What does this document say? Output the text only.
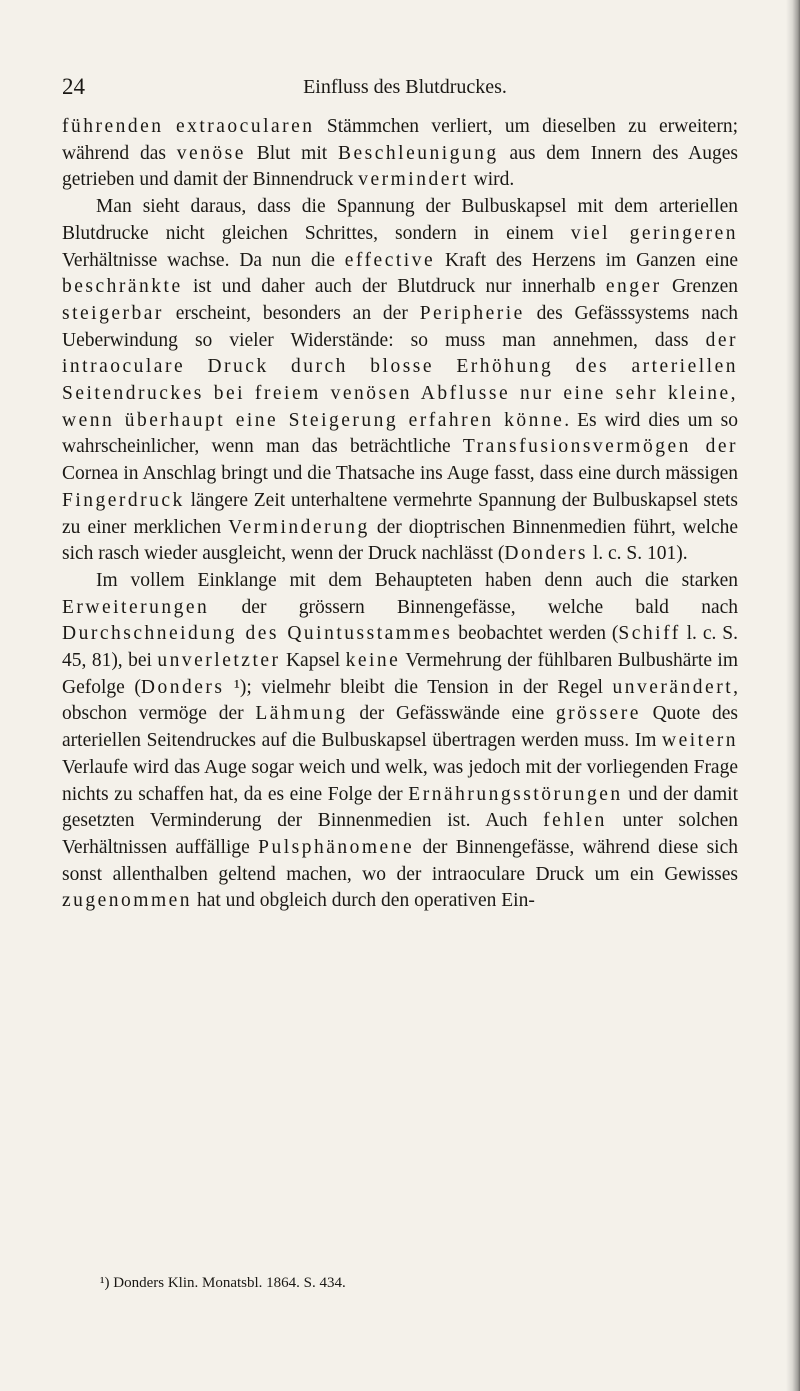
24	Einfluss des Blutdruckes.

führenden extraocularen Stämmchen verliert, um dieselben zu erweitern; während das venöse Blut mit Beschleunigung aus dem Innern des Auges getrieben und damit der Binnendruck vermindert wird.

Man sieht daraus, dass die Spannung der Bulbuskapsel mit dem arteriellen Blutdrucke nicht gleichen Schrittes, sondern in einem viel geringeren Verhältnisse wachse. Da nun die effective Kraft des Herzens im Ganzen eine beschränkte ist und daher auch der Blutdruck nur innerhalb enger Grenzen steigerbar erscheint, besonders an der Peripherie des Gefässsystems nach Ueberwindung so vieler Widerstände: so muss man annehmen, dass der intraoculare Druck durch blosse Erhöhung des arteriellen Seitendruckes bei freiem venösen Abflusse nur eine sehr kleine, wenn überhaupt eine Steigerung erfahren könne. Es wird dies um so wahrscheinlicher, wenn man das beträchtliche Transfusionsvermögen der Cornea in Anschlag bringt und die Thatsache ins Auge fasst, dass eine durch mässigen Fingerdruck längere Zeit unterhaltene vermehrte Spannung der Bulbuskapsel stets zu einer merklichen Verminderung der dioptrischen Binnenmedien führt, welche sich rasch wieder ausgleicht, wenn der Druck nachlässt (Donders l. c. S. 101).

Im vollem Einklange mit dem Behaupteten haben denn auch die starken Erweiterungen der grössern Binnengefässe, welche bald nach Durchschneidung des Quintusstammes beobachtet werden (Schiff l. c. S. 45, 81), bei unverletzter Kapsel keine Vermehrung der fühlbaren Bulbushärte im Gefolge (Donders ¹); vielmehr bleibt die Tension in der Regel unverändert, obschon vermöge der Lähmung der Gefässwände eine grössere Quote des arteriellen Seitendruckes auf die Bulbuskapsel übertragen werden muss. Im weitern Verlaufe wird das Auge sogar weich und welk, was jedoch mit der vorliegenden Frage nichts zu schaffen hat, da es eine Folge der Ernährungsstörungen und der damit gesetzten Verminderung der Binnenmedien ist. Auch fehlen unter solchen Verhältnissen auffällige Pulsphänomene der Binnengefässe, während diese sich sonst allenthalben geltend machen, wo der intraoculare Druck um ein Gewisses zugenommen hat und obgleich durch den operativen Ein-

¹) Donders Klin. Monatsbl. 1864. S. 434.
